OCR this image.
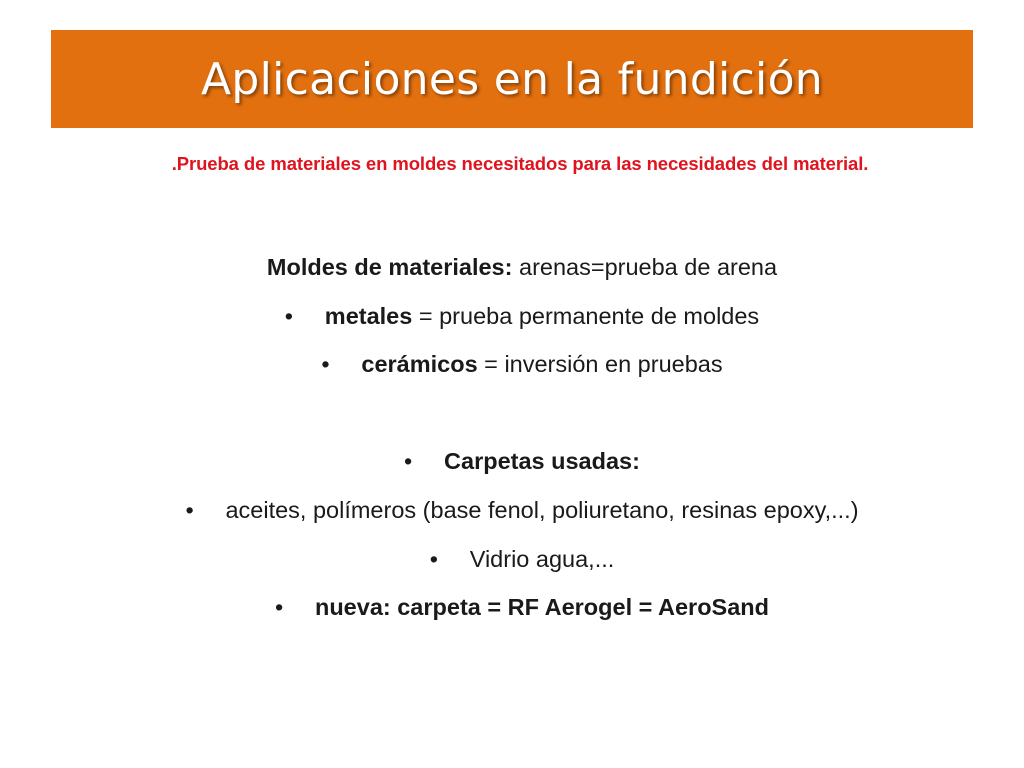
Aplicaciones en la fundición
.Prueba de materiales en moldes necesitados para las necesidades del material.
Moldes de materiales: arenas=prueba de arena
• metales = prueba permanente de moldes
• cerámicos = inversión en pruebas
• Carpetas usadas:
• aceites, polímeros (base fenol, poliuretano, resinas epoxy,...)
• Vidrio agua,...
• nueva: carpeta = RF Aerogel = AeroSand
